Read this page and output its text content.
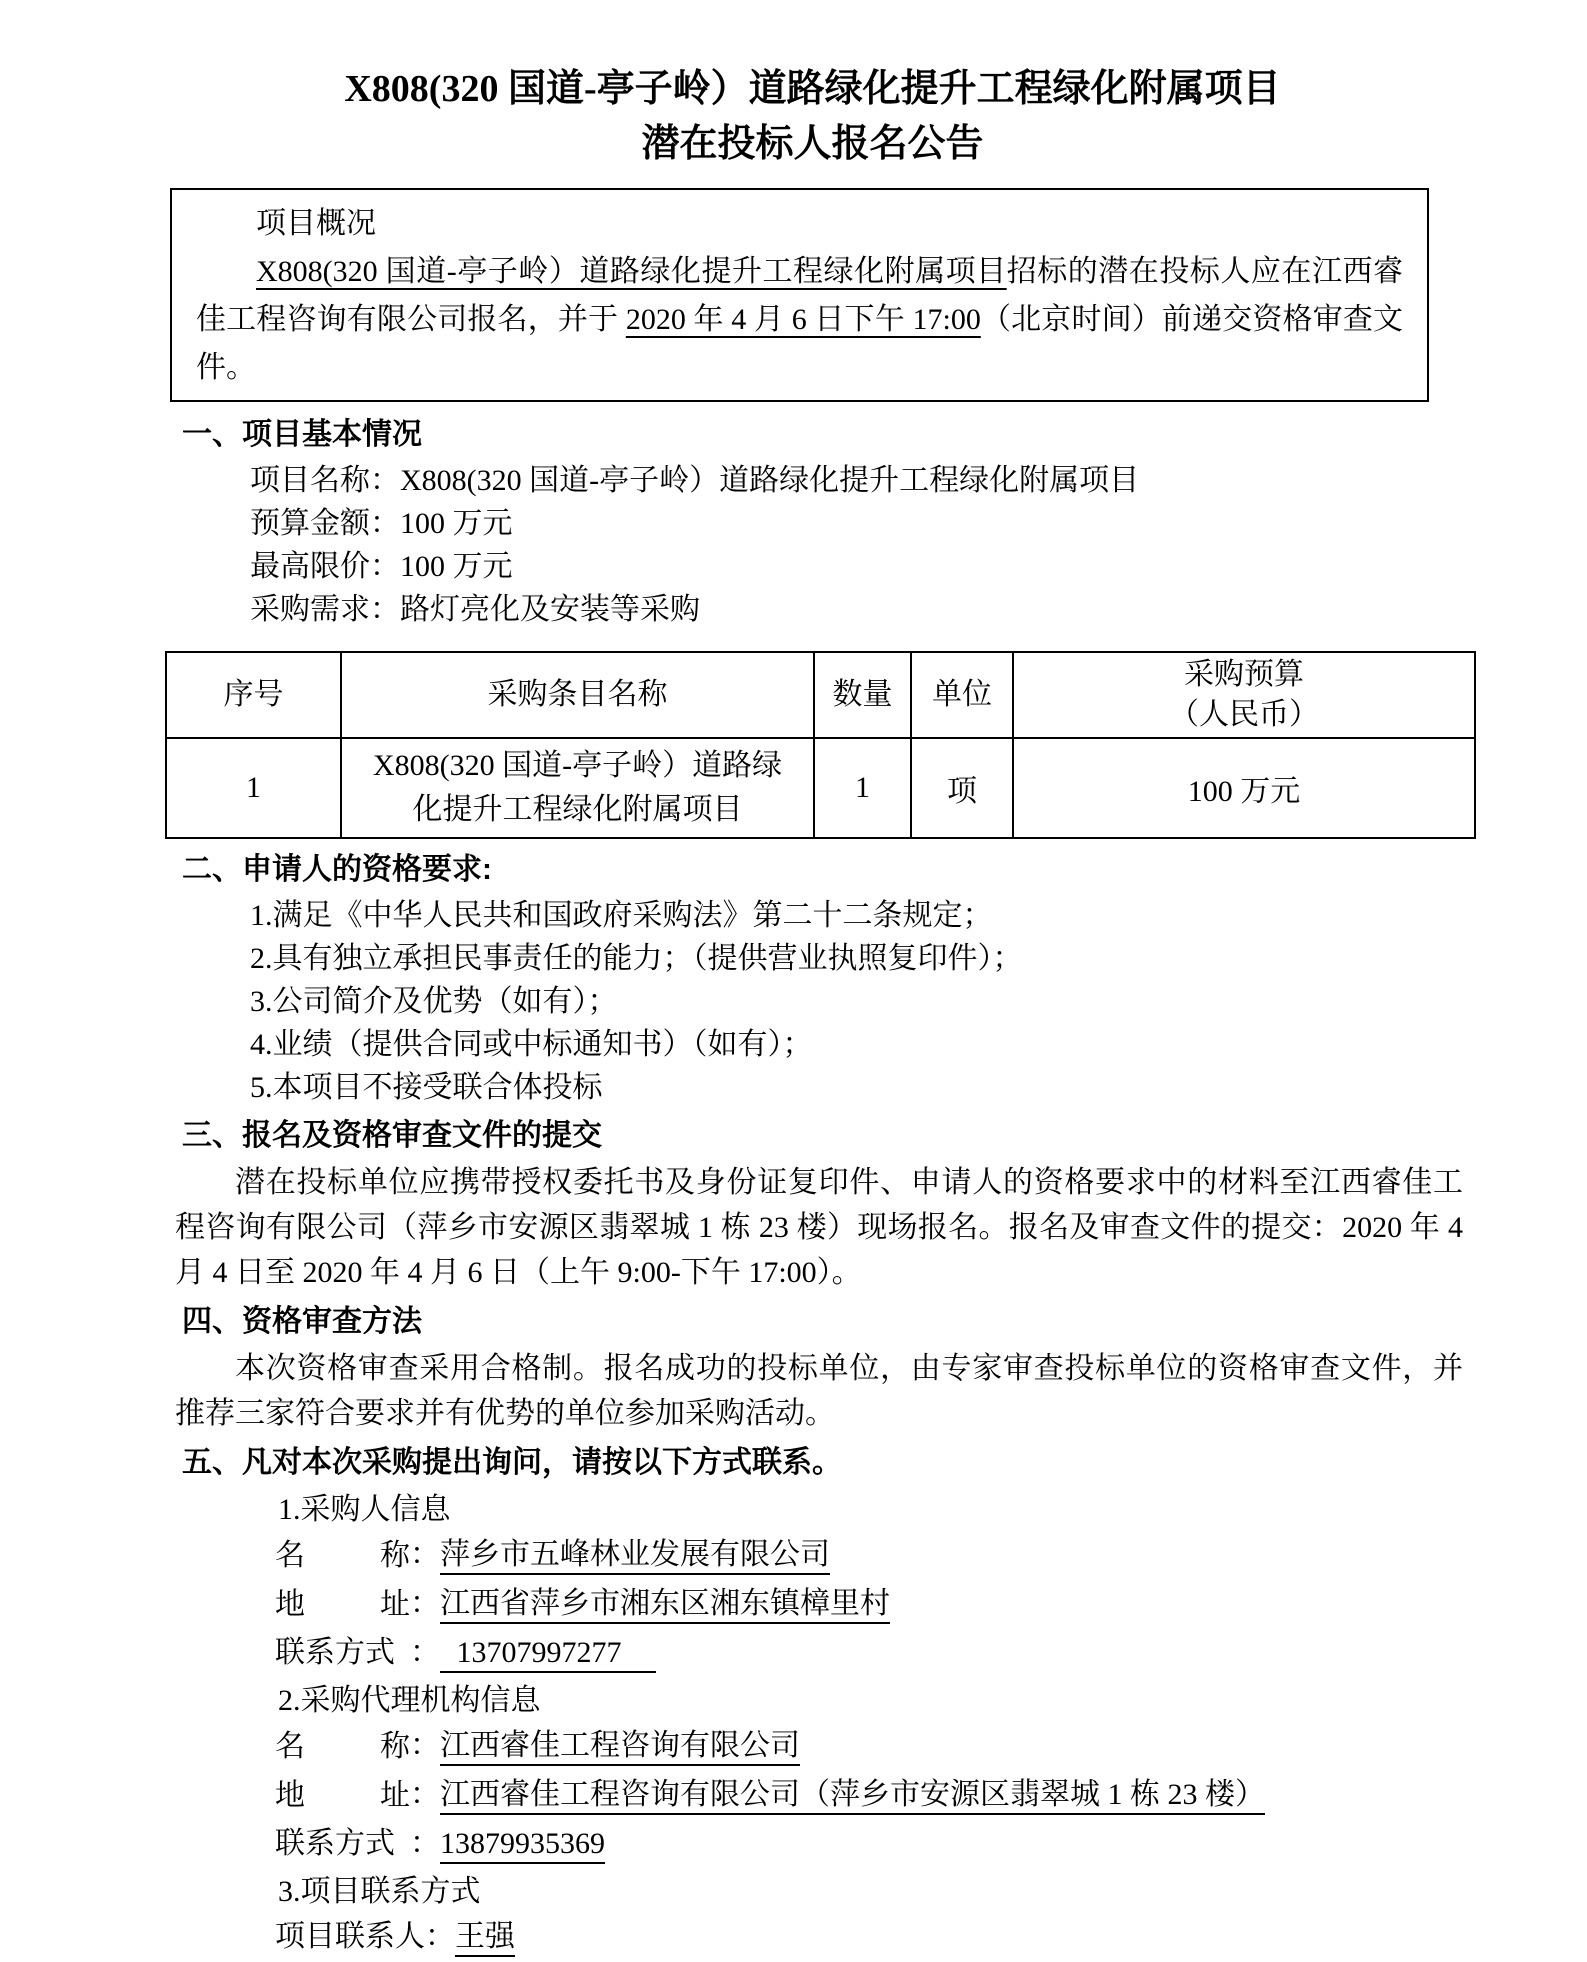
X808(320 国道-亭子岭）道路绿化提升工程绿化附属项目
潜在投标人报名公告

项目概况

X808(320 国道-亭子岭）道路绿化提升工程绿化附属项目招标的潜在投标人应在江西睿佳工程咨询有限公司报名，并于 2020 年 4 月 6 日下午 17:00（北京时间）前递交资格审查文件。

一、项目基本情况

项目名称：X808(320 国道-亭子岭）道路绿化提升工程绿化附属项目

预算金额：100 万元

最高限价：100 万元

采购需求：路灯亮化及安装等采购

序号	采购条目名称	数量	单位	采购预算
（人民币）
1	X808(320 国道-亭子岭）道路绿化提升工程绿化附属项目	1	项	100 万元
二、申请人的资格要求:

1.满足《中华人民共和国政府采购法》第二十二条规定；

2.具有独立承担民事责任的能力；（提供营业执照复印件）；

3.公司简介及优势（如有）；

4.业绩（提供合同或中标通知书）（如有）；

5.本项目不接受联合体投标

三、报名及资格审查文件的提交

潜在投标单位应携带授权委托书及身份证复印件、申请人的资格要求中的材料至江西睿佳工程咨询有限公司（萍乡市安源区翡翠城 1 栋 23 楼）现场报名。报名及审查文件的提交：2020 年 4 月 4 日至 2020 年 4 月 6 日（上午 9:00-下午 17:00）。

四、资格审查方法

本次资格审查采用合格制。报名成功的投标单位，由专家审查投标单位的资格审查文件，并推荐三家符合要求并有优势的单位参加采购活动。

五、凡对本次采购提出询问，请按以下方式联系。

1.采购人信息

名	称 ：萍乡市五峰林业发展有限公司

地	址 ：江西省萍乡市湘东区湘东镇樟里村

联系方式 ： 13707997277

2.采购代理机构信息

名	称 ：江西睿佳工程咨询有限公司

地	址 ：江西睿佳工程咨询有限公司（萍乡市安源区翡翠城 1 栋 23 楼）

联系方式 ：13879935369

3.项目联系方式

项目联系人：王强
